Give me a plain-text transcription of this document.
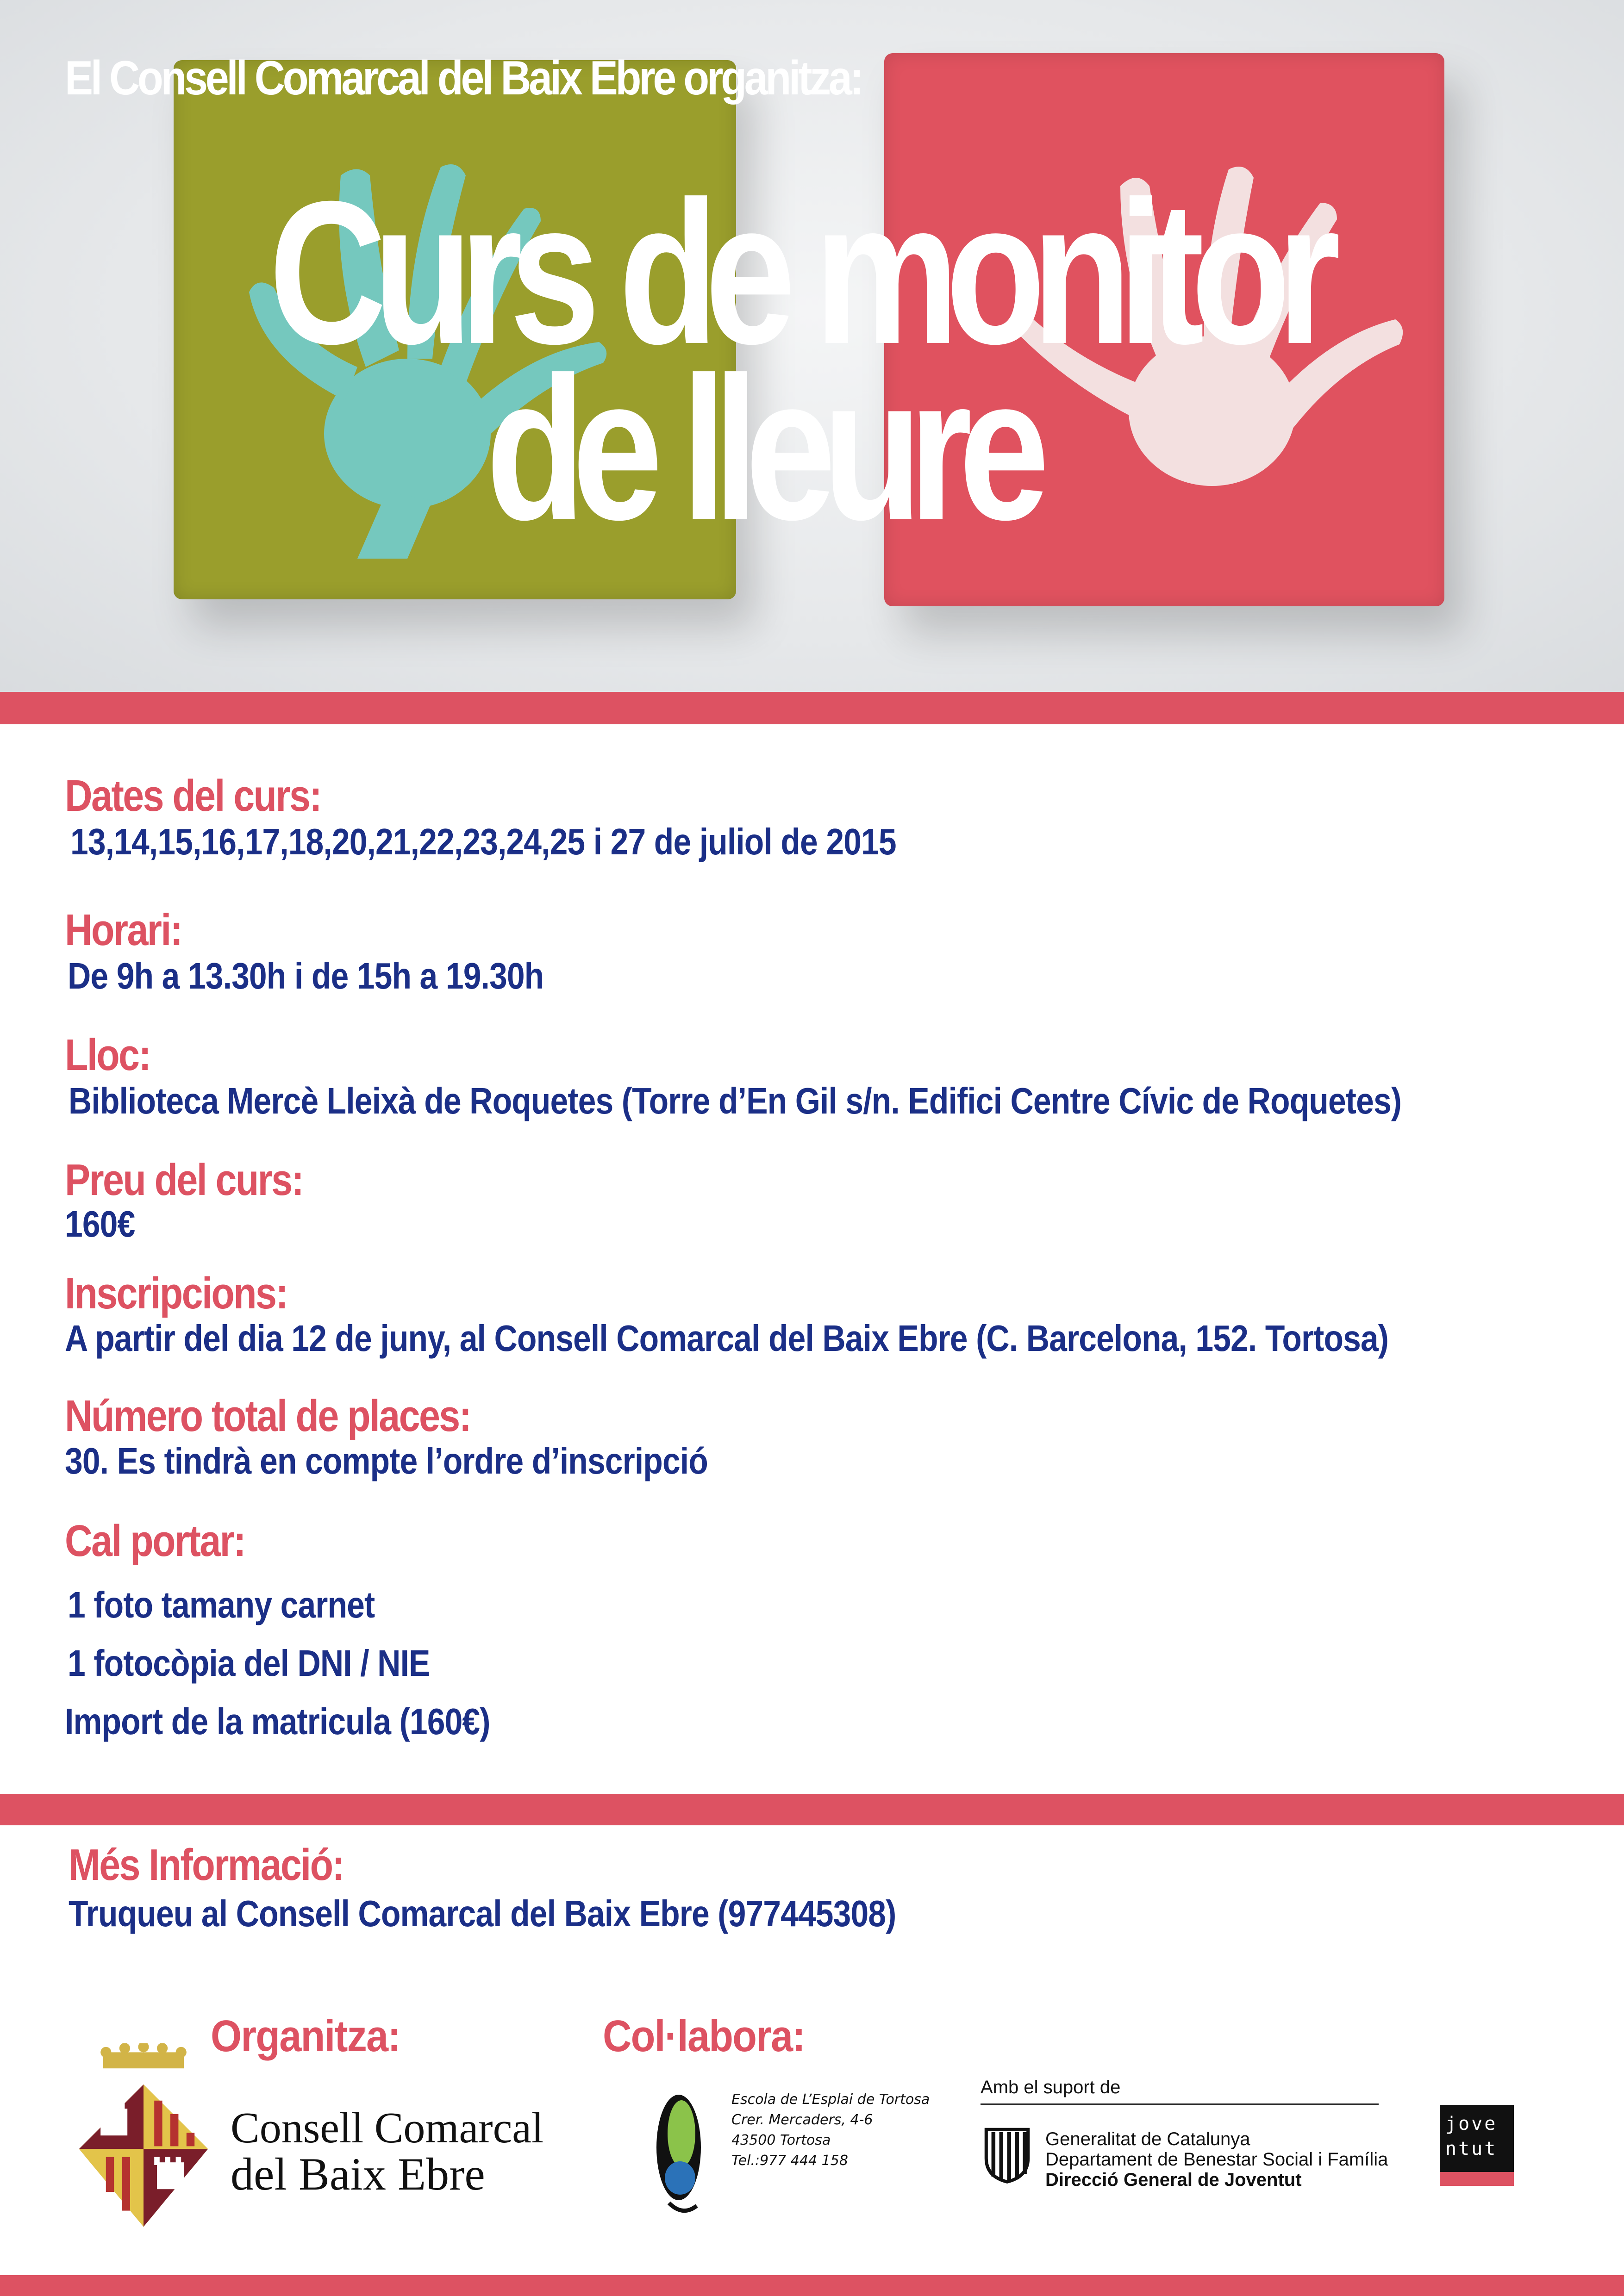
El Consell Comarcal del Baix Ebre organitza:
Curs de monitor
de lleure
Dates del curs:
13,14,15,16,17,18,20,21,22,23,24,25 i 27 de juliol de 2015
Horari:
De 9h a 13.30h i de 15h a 19.30h
Lloc:
Biblioteca Mercè Lleixà de Roquetes (Torre d’En Gil s/n. Edifici Centre Cívic de Roquetes)
Preu del curs:
160€
Inscripcions:
A partir del dia 12 de juny, al Consell Comarcal del Baix Ebre (C. Barcelona, 152. Tortosa)
Número total de places:
30. Es tindrà en compte l’ordre d’inscripció
Cal portar:
1 foto tamany carnet
1 fotocòpia del DNI / NIE
Import de la matricula (160€)
Més Informació:
Truqueu al Consell Comarcal del Baix Ebre (977445308)
Organitza:
Consell Comarcal
del Baix Ebre
Col·labora:
Escola de L’Esplai de Tortosa
Crer. Mercaders, 4-6
43500 Tortosa
Tel.:977 444 158
Amb el suport de
Generalitat de Catalunya
Departament de Benestar Social i Família
Direcció General de Joventut
jove
ntut
